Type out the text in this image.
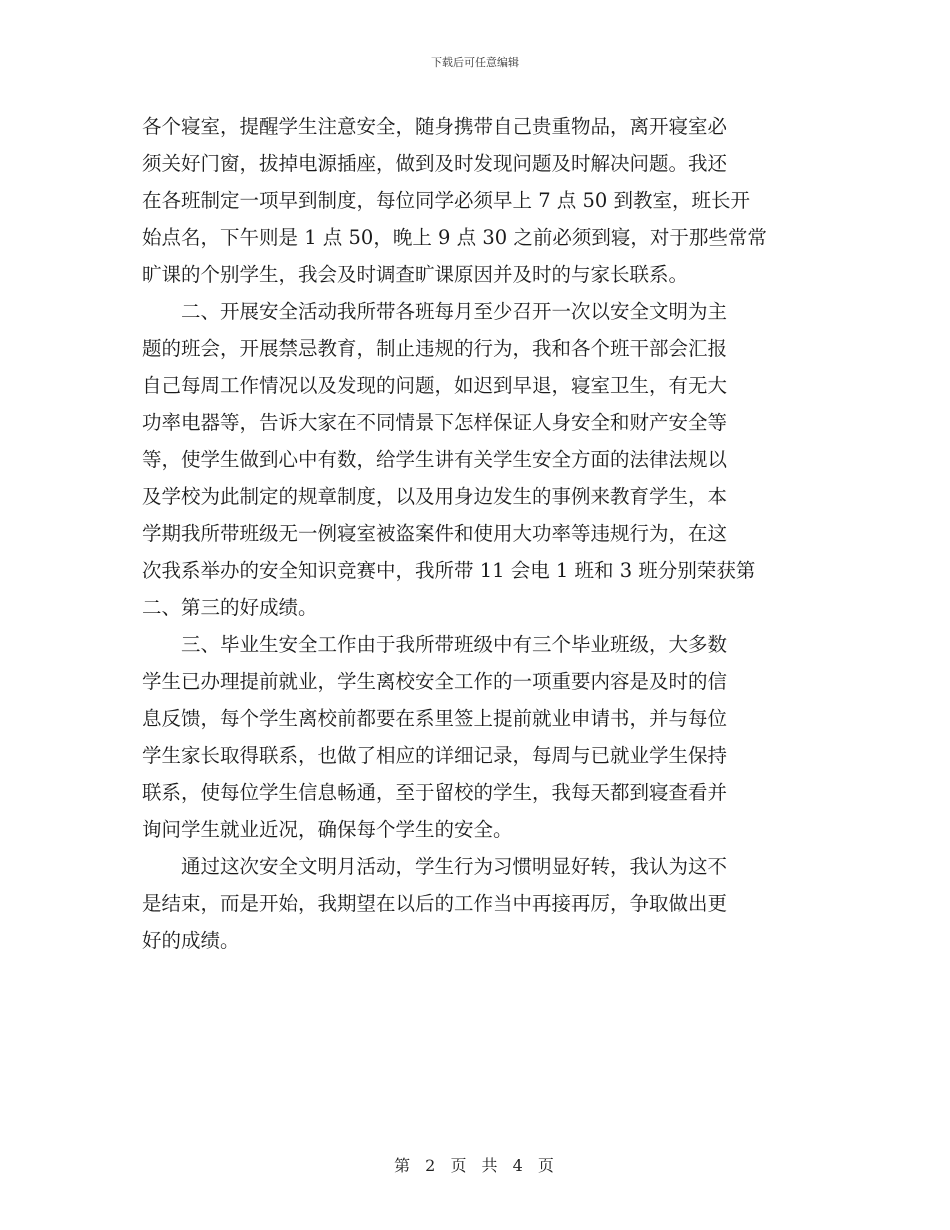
下载后可任意编辑
各个寝室，提醒学生注意安全，随身携带自己贵重物品，离开寝室必
须关好门窗，拔掉电源插座，做到及时发现问题及时解决问题。我还
在各班制定一项早到制度，每位同学必须早上 7 点 50 到教室，班长开
始点名，下午则是 1 点 50，晚上 9 点 30 之前必须到寝，对于那些常常
旷课的个别学生，我会及时调查旷课原因并及时的与家长联系。
　　二、开展安全活动我所带各班每月至少召开一次以安全文明为主
题的班会，开展禁忌教育，制止违规的行为，我和各个班干部会汇报
自己每周工作情况以及发现的问题，如迟到早退，寝室卫生，有无大
功率电器等，告诉大家在不同情景下怎样保证人身安全和财产安全等
等，使学生做到心中有数，给学生讲有关学生安全方面的法律法规以
及学校为此制定的规章制度，以及用身边发生的事例来教育学生，本
学期我所带班级无一例寝室被盗案件和使用大功率等违规行为，在这
次我系举办的安全知识竞赛中，我所带 11 会电 1 班和 3 班分别荣获第
二、第三的好成绩。
　　三、毕业生安全工作由于我所带班级中有三个毕业班级，大多数
学生已办理提前就业，学生离校安全工作的一项重要内容是及时的信
息反馈，每个学生离校前都要在系里签上提前就业申请书，并与每位
学生家长取得联系，也做了相应的详细记录，每周与已就业学生保持
联系，使每位学生信息畅通，至于留校的学生，我每天都到寝查看并
询问学生就业近况，确保每个学生的安全。
　　通过这次安全文明月活动，学生行为习惯明显好转，我认为这不
是结束，而是开始，我期望在以后的工作当中再接再厉，争取做出更
好的成绩。
第 2 页 共 4 页
